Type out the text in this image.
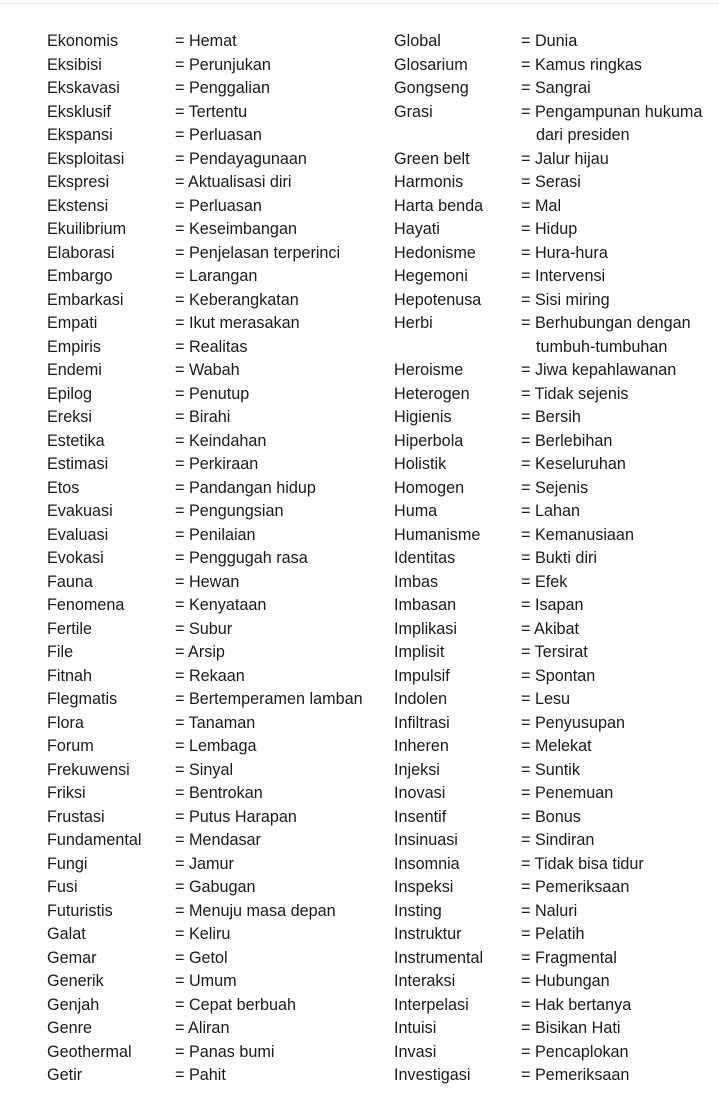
Ekonomis	= Hemat
Eksibisi	= Perunjukan
Ekskavasi	= Penggalian
Eksklusif	= Tertentu
Ekspansi	= Perluasan
Eksploitasi	= Pendayagunaan
Ekspresi	= Aktualisasi diri
Ekstensi	= Perluasan
Ekuilibrium	= Keseimbangan
Elaborasi	= Penjelasan terperinci
Embargo	= Larangan
Embarkasi	= Keberangkatan
Empati	= Ikut merasakan
Empiris	= Realitas
Endemi	= Wabah
Epilog	= Penutup
Ereksi	= Birahi
Estetika	= Keindahan
Estimasi	= Perkiraan
Etos	= Pandangan hidup
Evakuasi	= Pengungsian
Evaluasi	= Penilaian
Evokasi	= Penggugah rasa
Fauna	= Hewan
Fenomena	= Kenyataan
Fertile	= Subur
File	= Arsip
Fitnah	= Rekaan
Flegmatis	= Bertemperamen lamban
Flora	= Tanaman
Forum	= Lembaga
Frekuwensi	= Sinyal
Friksi	= Bentrokan
Frustasi	= Putus Harapan
Fundamental	= Mendasar
Fungi	= Jamur
Fusi	= Gabugan
Futuristis	= Menuju masa depan
Galat	= Keliru
Gemar	= Getol
Generik	= Umum
Genjah	= Cepat berbuah
Genre	= Aliran
Geothermal	= Panas bumi
Getir	= Pahit
Global	= Dunia
Glosarium	= Kamus ringkas
Gongseng	= Sangrai
Grasi	= Pengampunan hukuma
dari presiden
Green belt	= Jalur hijau
Harmonis	= Serasi
Harta benda	= Mal
Hayati	= Hidup
Hedonisme	= Hura-hura
Hegemoni	= Intervensi
Hepotenusa	= Sisi miring
Herbi	= Berhubungan dengan
tumbuh-tumbuhan
Heroisme	= Jiwa kepahlawanan
Heterogen	= Tidak sejenis
Higienis	= Bersih
Hiperbola	= Berlebihan
Holistik	= Keseluruhan
Homogen	= Sejenis
Huma	= Lahan
Humanisme	= Kemanusiaan
Identitas	= Bukti diri
Imbas	= Efek
Imbasan	= Isapan
Implikasi	= Akibat
Implisit	= Tersirat
Impulsif	= Spontan
Indolen	= Lesu
Infiltrasi	= Penyusupan
Inheren	= Melekat
Injeksi	= Suntik
Inovasi	= Penemuan
Insentif	= Bonus
Insinuasi	= Sindiran
Insomnia	= Tidak bisa tidur
Inspeksi	= Pemeriksaan
Insting	= Naluri
Instruktur	= Pelatih
Instrumental	= Fragmental
Interaksi	= Hubungan
Interpelasi	= Hak bertanya
Intuisi	= Bisikan Hati
Invasi	= Pencaplokan
Investigasi	= Pemeriksaan
